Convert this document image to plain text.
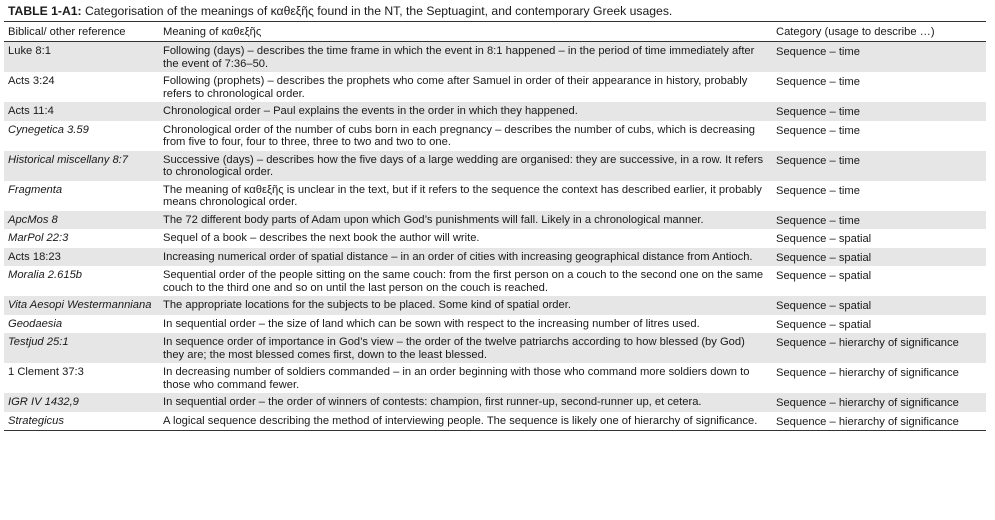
TABLE 1-A1: Categorisation of the meanings of καθεξῆς found in the NT, the Septuagint, and contemporary Greek usages.
Biblical/ other reference	Meaning of καθεξῆς	Category (usage to describe …)
Luke 8:1	Following (days) – describes the time frame in which the event in 8:1 happened – in the period of time immediately after the event of 7:36–50.	Sequence – time
Acts 3:24	Following (prophets) – describes the prophets who come after Samuel in order of their appearance in history, probably refers to chronological order.	Sequence – time
Acts 11:4	Chronological order – Paul explains the events in the order in which they happened.	Sequence – time
Cynegetica 3.59	Chronological order of the number of cubs born in each pregnancy – describes the number of cubs, which is decreasing from five to four, four to three, three to two and two to one.	Sequence – time
Historical miscellany 8:7	Successive (days) – describes how the five days of a large wedding are organised: they are successive, in a row. It refers to chronological order.	Sequence – time
Fragmenta	The meaning of καθεξῆς is unclear in the text, but if it refers to the sequence the context has described earlier, it probably means chronological order.	Sequence – time
ApcMos 8	The 72 different body parts of Adam upon which God’s punishments will fall. Likely in a chronological manner.	Sequence – time
MarPol 22:3	Sequel of a book – describes the next book the author will write.	Sequence – spatial
Acts 18:23	Increasing numerical order of spatial distance – in an order of cities with increasing geographical distance from Antioch.	Sequence – spatial
Moralia 2.615b	Sequential order of the people sitting on the same couch: from the first person on a couch to the second one on the same couch to the third one and so on until the last person on the couch is reached.	Sequence – spatial
Vita Aesopi Westermanniana	The appropriate locations for the subjects to be placed. Some kind of spatial order.	Sequence – spatial
Geodaesia	In sequential order – the size of land which can be sown with respect to the increasing number of litres used.	Sequence – spatial
Testjud 25:1	In sequence order of importance in God’s view – the order of the twelve patriarchs according to how blessed (by God) they are; the most blessed comes first, down to the least blessed.	Sequence – hierarchy of significance
1 Clement 37:3	In decreasing number of soldiers commanded – in an order beginning with those who command more soldiers down to those who command fewer.	Sequence – hierarchy of significance
IGR IV 1432,9	In sequential order – the order of winners of contests: champion, first runner-up, second-runner up, et cetera.	Sequence – hierarchy of significance
Strategicus	A logical sequence describing the method of interviewing people. The sequence is likely one of hierarchy of significance.	Sequence – hierarchy of significance
